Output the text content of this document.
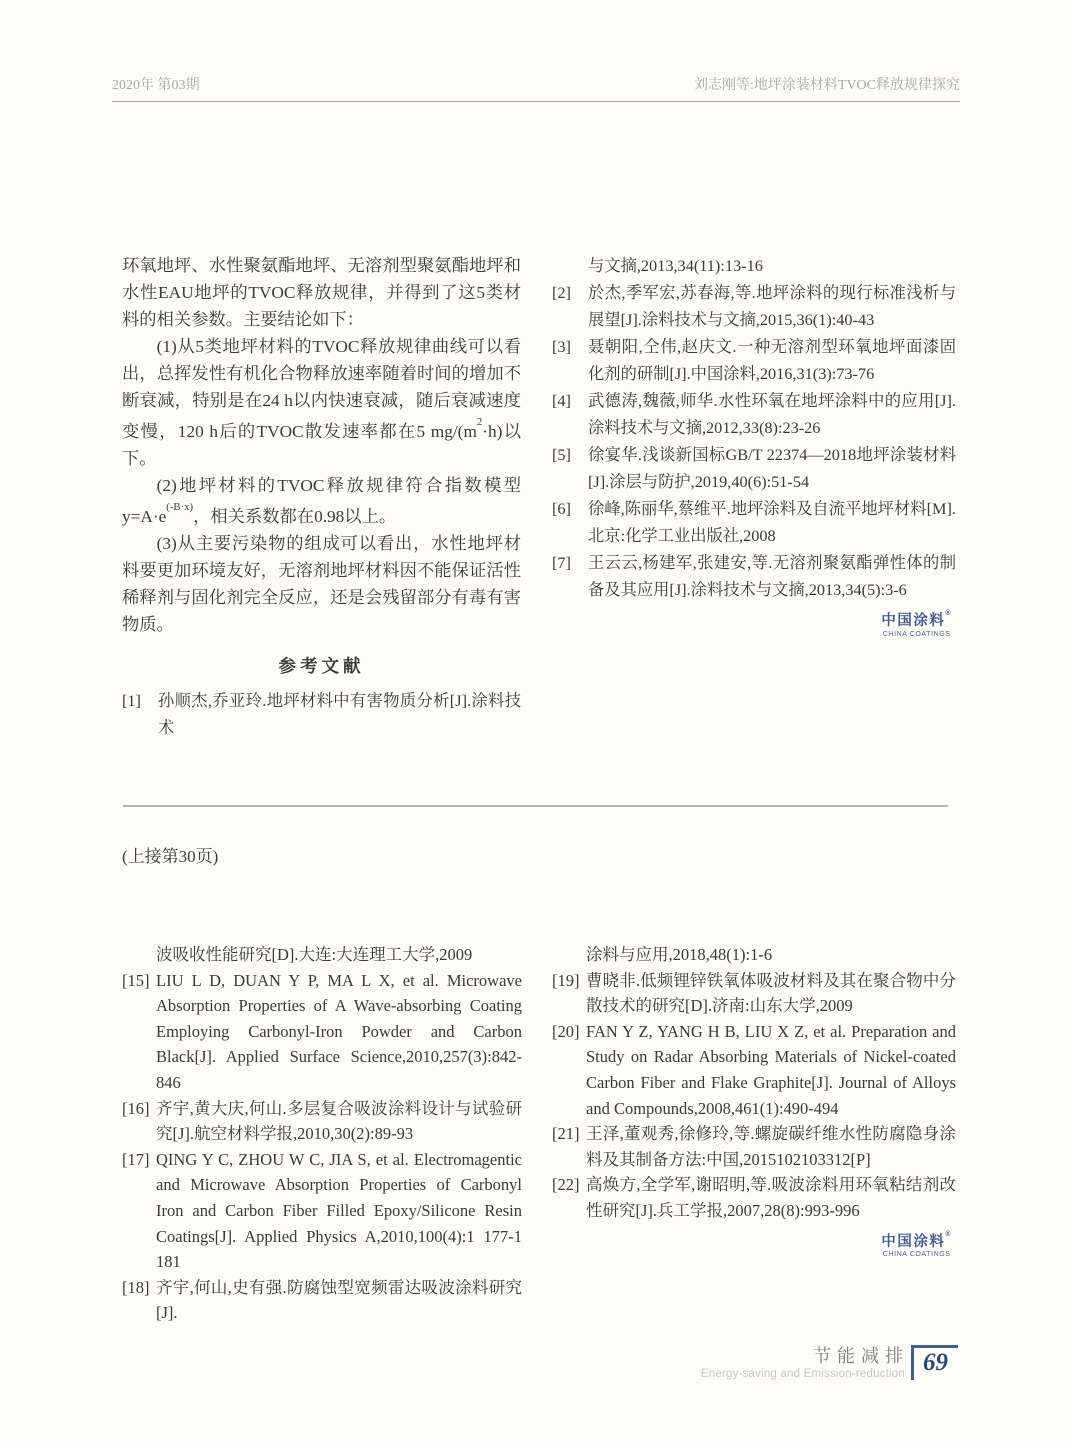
2020年 第03期	刘志刚等:地坪涂装材料TVOC释放规律探究

环氧地坪、水性聚氨酯地坪、无溶剂型聚氨酯地坪和水性EAU地坪的TVOC释放规律，并得到了这5类材料的相关参数。主要结论如下：

(1)从5类地坪材料的TVOC释放规律曲线可以看出，总挥发性有机化合物释放速率随着时间的增加不断衰减，特别是在24 h以内快速衰减，随后衰减速度变慢，120 h后的TVOC散发速率都在5 $mg/(m^2\cdot h)$以下。

(2)地坪材料的TVOC释放规律符合指数模型$y=A\cdot e^{(-B\cdot x)}$，相关系数都在0.98以上。

(3)从主要污染物的组成可以看出，水性地坪材料要更加环境友好，无溶剂地坪材料因不能保证活性稀释剂与固化剂完全反应，还是会残留部分有毒有害物质。

参考文献
[1]	孙顺杰,乔亚玲.地坪材料中有害物质分析[J].涂料技术
与文摘,2013,34(11):13-16
[2]	於杰,季军宏,苏春海,等.地坪涂料的现行标准浅析与展望[J].涂料技术与文摘,2015,36(1):40-43
[3]	聂朝阳,仝伟,赵庆文.一种无溶剂型环氧地坪面漆固化剂的研制[J].中国涂料,2016,31(3):73-76
[4]	武德涛,魏薇,师华.水性环氧在地坪涂料中的应用[J].涂料技术与文摘,2012,33(8):23-26
[5]	徐宴华.浅谈新国标GB/T 22374—2018地坪涂装材料[J].涂层与防护,2019,40(6):51-54
[6]	徐峰,陈丽华,蔡维平.地坪涂料及自流平地坪材料[M].北京:化学工业出版社,2008
[7]	王云云,杨建军,张建安,等.无溶剂聚氨酯弹性体的制备及其应用[J].涂料技术与文摘,2013,34(5):3-6
中国涂料®
CHINA COATINGS
(上接第30页)
波吸收性能研究[D].大连:大连理工大学,2009
[15] LIU L D, DUAN Y P, MA L X, et al. Microwave Absorption Properties of A Wave-absorbing Coating Employing Carbonyl-Iron Powder and Carbon Black[J]. Applied Surface Science,2010,257(3):842-846
[16] 齐宇,黄大庆,何山.多层复合吸波涂料设计与试验研究[J].航空材料学报,2010,30(2):89-93
[17] QING Y C, ZHOU W C, JIA S, et al. Electromagentic and Microwave Absorption Properties of Carbonyl Iron and Carbon Fiber Filled Epoxy/Silicone Resin Coatings[J]. Applied Physics A,2010,100(4):1 177-1 181
[18] 齐宇,何山,史有强.防腐蚀型宽频雷达吸波涂料研究[J].
涂料与应用,2018,48(1):1-6
[19] 曹晓非.低频锂锌铁氧体吸波材料及其在聚合物中分散技术的研究[D].济南:山东大学,2009
[20] FAN Y Z, YANG H B, LIU X Z, et al. Preparation and Study on Radar Absorbing Materials of Nickel-coated Carbon Fiber and Flake Graphite[J]. Journal of Alloys and Compounds,2008,461(1):490-494
[21] 王泽,董观秀,徐修玲,等.螺旋碳纤维水性防腐隐身涂料及其制备方法:中国,2015102103312[P]
[22] 高焕方,全学军,谢昭明,等.吸波涂料用环氧粘结剂改性研究[J].兵工学报,2007,28(8):993-996
中国涂料®
CHINA COATINGS
节能减排
Energy-saving and Emission-reduction 69
